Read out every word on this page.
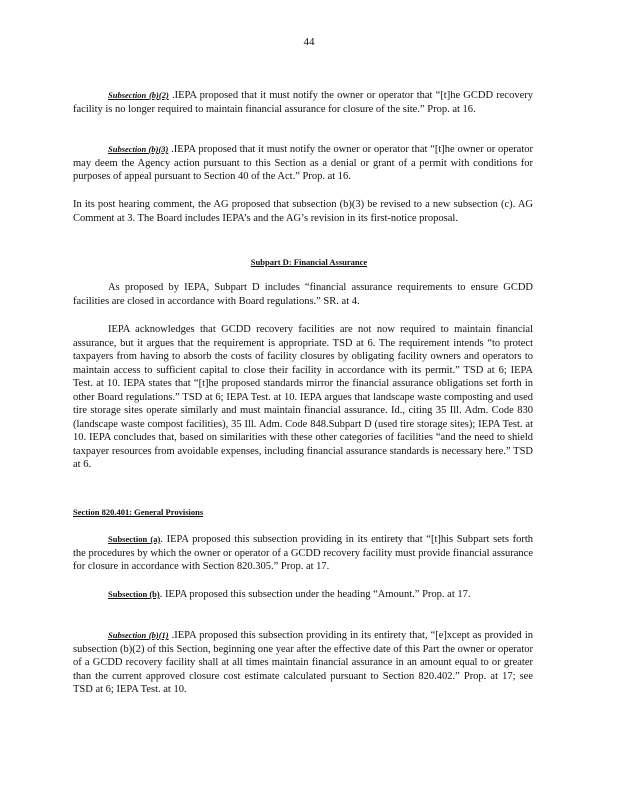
44
Subsection (b)(2) .IEPA proposed that it must notify the owner or operator that “[t]he GCDD recovery facility is no longer required to maintain financial assurance for closure of the site.” Prop. at 16.
Subsection (b)(3) .IEPA proposed that it must notify the owner or operator that “[t]he owner or operator may deem the Agency action pursuant to this Section as a denial or grant of a permit with conditions for purposes of appeal pursuant to Section 40 of the Act.” Prop. at 16.
In its post hearing comment, the AG proposed that subsection (b)(3) be revised to a new subsection (c). AG Comment at 3. The Board includes IEPA’s and the AG’s revision in its first-notice proposal.
Subpart D: Financial Assurance
As proposed by IEPA, Subpart D includes “financial assurance requirements to ensure GCDD facilities are closed in accordance with Board regulations.” SR. at 4.
IEPA acknowledges that GCDD recovery facilities are not now required to maintain financial assurance, but it argues that the requirement is appropriate. TSD at 6. The requirement intends “to protect taxpayers from having to absorb the costs of facility closures by obligating facility owners and operators to maintain access to sufficient capital to close their facility in accordance with its permit.” TSD at 6; IEPA Test. at 10. IEPA states that “[t]he proposed standards mirror the financial assurance obligations set forth in other Board regulations.” TSD at 6; IEPA Test. at 10. IEPA argues that landscape waste composting and used tire storage sites operate similarly and must maintain financial assurance. Id., citing 35 Ill. Adm. Code 830 (landscape waste compost facilities), 35 Ill. Adm. Code 848.Subpart D (used tire storage sites); IEPA Test. at 10. IEPA concludes that, based on similarities with these other categories of facilities “and the need to shield taxpayer resources from avoidable expenses, including financial assurance standards is necessary here.” TSD at 6.
Section 820.401: General Provisions
Subsection (a). IEPA proposed this subsection providing in its entirety that “[t]his Subpart sets forth the procedures by which the owner or operator of a GCDD recovery facility must provide financial assurance for closure in accordance with Section 820.305.” Prop. at 17.
Subsection (b). IEPA proposed this subsection under the heading “Amount.” Prop. at 17.
Subsection (b)(1) .IEPA proposed this subsection providing in its entirety that, “[e]xcept as provided in subsection (b)(2) of this Section, beginning one year after the effective date of this Part the owner or operator of a GCDD recovery facility shall at all times maintain financial assurance in an amount equal to or greater than the current approved closure cost estimate calculated pursuant to Section 820.402.” Prop. at 17; see TSD at 6; IEPA Test. at 10.
